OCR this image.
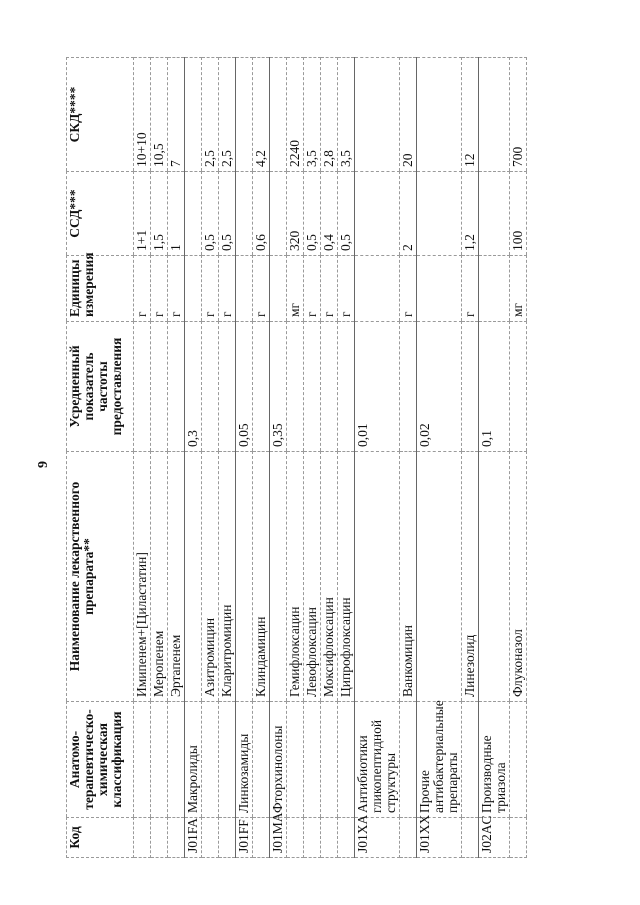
9
Код	Анатомо-терапевтическо-химическая классификация	Наименование лекарственного препарата**	Усредненный показатель частоты предоставления	Единицы измерения	ССД***	СКД****
		Имипенем+[Циластатин]		г	1+1	10+10
		Меропенем		г	1,5	10,5
		Эртапенем		г	1	7
J01FA	Макролиды		0,3			
		Азитромицин		г	0,5	2,5
		Кларитромицин		г	0,5	2,5
J01FF	Линкозамиды		0,05			
		Клиндамицин		г	0,6	4,2
J01MA	Фторхинолоны		0,35			
		Гемифлоксацин		мг	320	2240
		Левофлоксацин		г	0,5	3,5
		Моксифлоксацин		г	0,4	2,8
		Ципрофлоксацин		г	0,5	3,5
J01XA	Антибиотики гликопептидной структуры		0,01			
		Ванкомицин		г	2	20
J01XX	Прочие антибактериальные препараты		0,02			
		Линезолид		г	1,2	12
J02AC	Производные триазола		0,1			
		Флуконазол		мг	100	700
